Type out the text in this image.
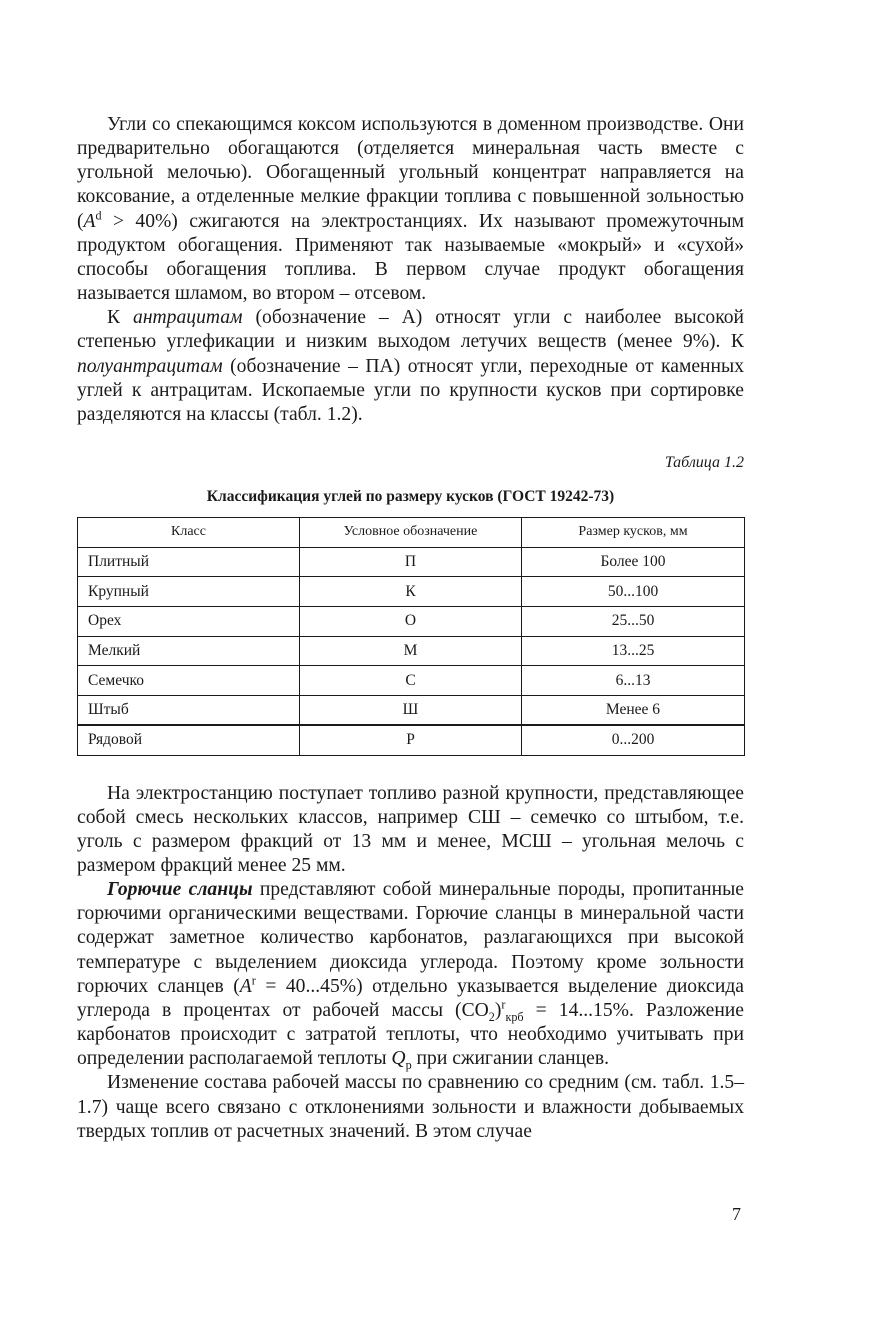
Угли со спекающимся коксом используются в доменном производстве. Они предварительно обогащаются (отделяется минеральная часть вместе с угольной мелочью). Обогащенный угольный концентрат направляется на коксование, а отделенные мелкие фракции топлива с повышенной зольностью $(A^d > 40\%)$ сжигаются на электростанциях. Их называют промежуточным продуктом обогащения. Применяют так называемые «мокрый» и «сухой» способы обогащения топлива. В первом случае продукт обогащения называется шламом, во втором – отсевом.

К антрацитам (обозначение – А) относят угли с наиболее высокой степенью углефикации и низким выходом летучих веществ (менее 9%). К полуантрацитам (обозначение – ПА) относят угли, переходные от каменных углей к антрацитам. Ископаемые угли по крупности кусков при сортировке разделяются на классы (табл. 1.2).

Таблица 1.2
Классификация углей по размеру кусков (ГОСТ 19242-73)
Класс	Условное обозначение	Размер кусков, мм
Плитный	П	Более 100
Крупный	К	50...100
Орех	О	25...50
Мелкий	М	13...25
Семечко	С	6...13
Штыб	Ш	Менее 6
Рядовой	Р	0...200

На электростанцию поступает топливо разной крупности, представляющее собой смесь нескольких классов, например СШ – семечко со штыбом, т.е. уголь с размером фракций от 13 мм и менее, МСШ – угольная мелочь с размером фракций менее 25 мм.

Горючие сланцы представляют собой минеральные породы, пропитанные горючими органическими веществами. Горючие сланцы в минеральной части содержат заметное количество карбонатов, разлагающихся при высокой температуре с выделением диоксида углерода. Поэтому кроме зольности горючих сланцев $(A^r = 40...45\%)$ отдельно указывается выделение диоксида углерода в процентах от рабочей массы $(CO_2)^r_{крб} = 14...15\%$. Разложение карбонатов происходит с затратой теплоты, что необходимо учитывать при определении располагаемой теплоты $Q_р$ при сжигании сланцев.

Изменение состава рабочей массы по сравнению со средним (см. табл. 1.5–1.7) чаще всего связано с отклонениями зольности и влажности добываемых твердых топлив от расчетных значений. В этом случае

7
